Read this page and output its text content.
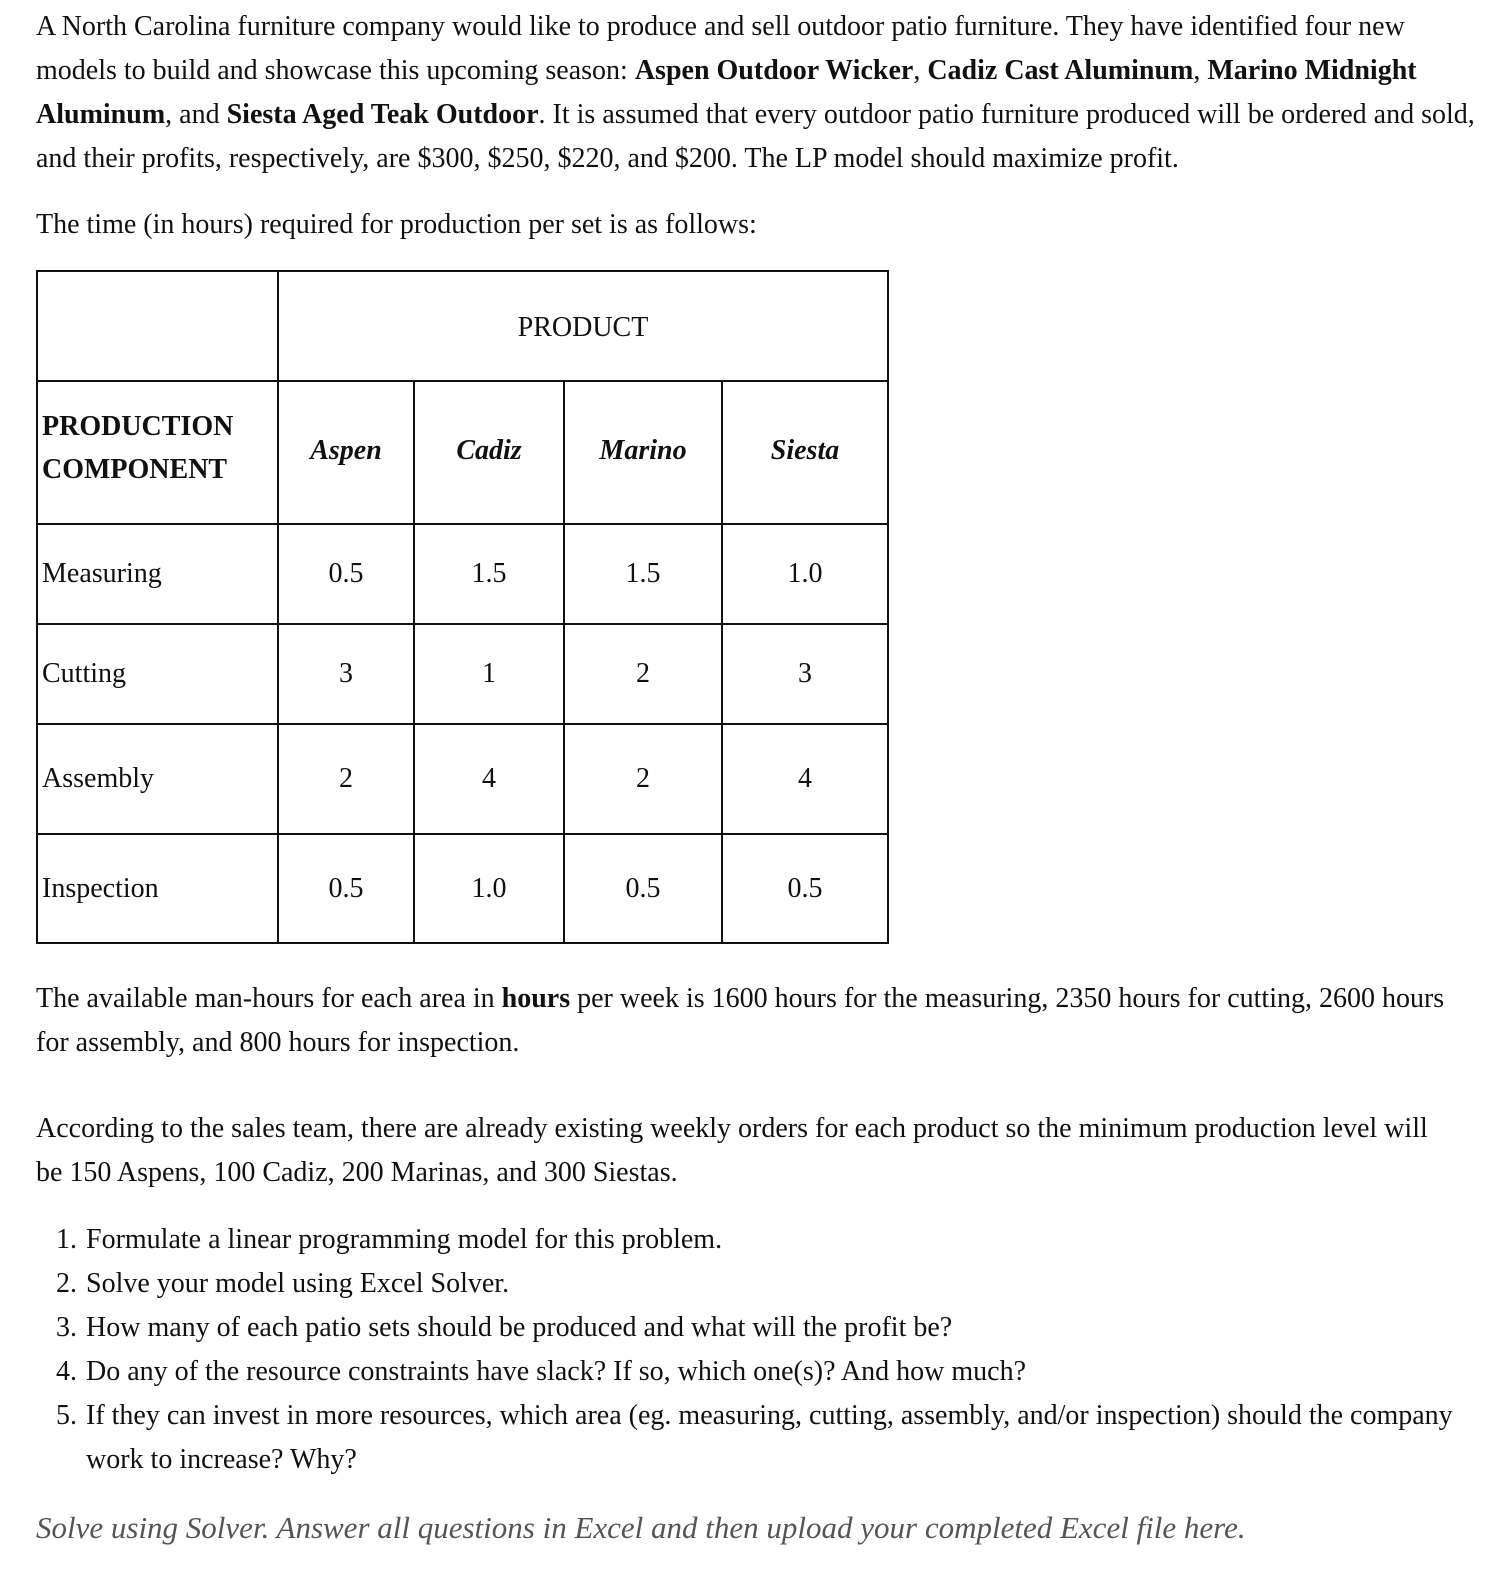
A North Carolina furniture company would like to produce and sell outdoor patio furniture. They have identified four new models to build and showcase this upcoming season: Aspen Outdoor Wicker, Cadiz Cast Aluminum, Marino Midnight Aluminum, and Siesta Aged Teak Outdoor. It is assumed that every outdoor patio furniture produced will be ordered and sold, and their profits, respectively, are $300, $250, $220, and $200. The LP model should maximize profit.

The time (in hours) required for production per set is as follows:

	PRODUCT			
PRODUCTION
COMPONENT	Aspen	Cadiz	Marino	Siesta
Measuring	0.5	1.5	1.5	1.0
Cutting	3	1	2	3
Assembly	2	4	2	4
Inspection	0.5	1.0	0.5	0.5

The available man-hours for each area in hours per week is 1600 hours for the measuring, 2350 hours for cutting, 2600 hours for assembly, and 800 hours for inspection.

According to the sales team, there are already existing weekly orders for each product so the minimum production level will be 150 Aspens, 100 Cadiz, 200 Marinas, and 300 Siestas.

1. Formulate a linear programming model for this problem.
2. Solve your model using Excel Solver.
3. How many of each patio sets should be produced and what will the profit be?
4. Do any of the resource constraints have slack? If so, which one(s)? And how much?
5. If they can invest in more resources, which area (eg. measuring, cutting, assembly, and/or inspection) should the company work to increase? Why?

Solve using Solver. Answer all questions in Excel and then upload your completed Excel file here.
